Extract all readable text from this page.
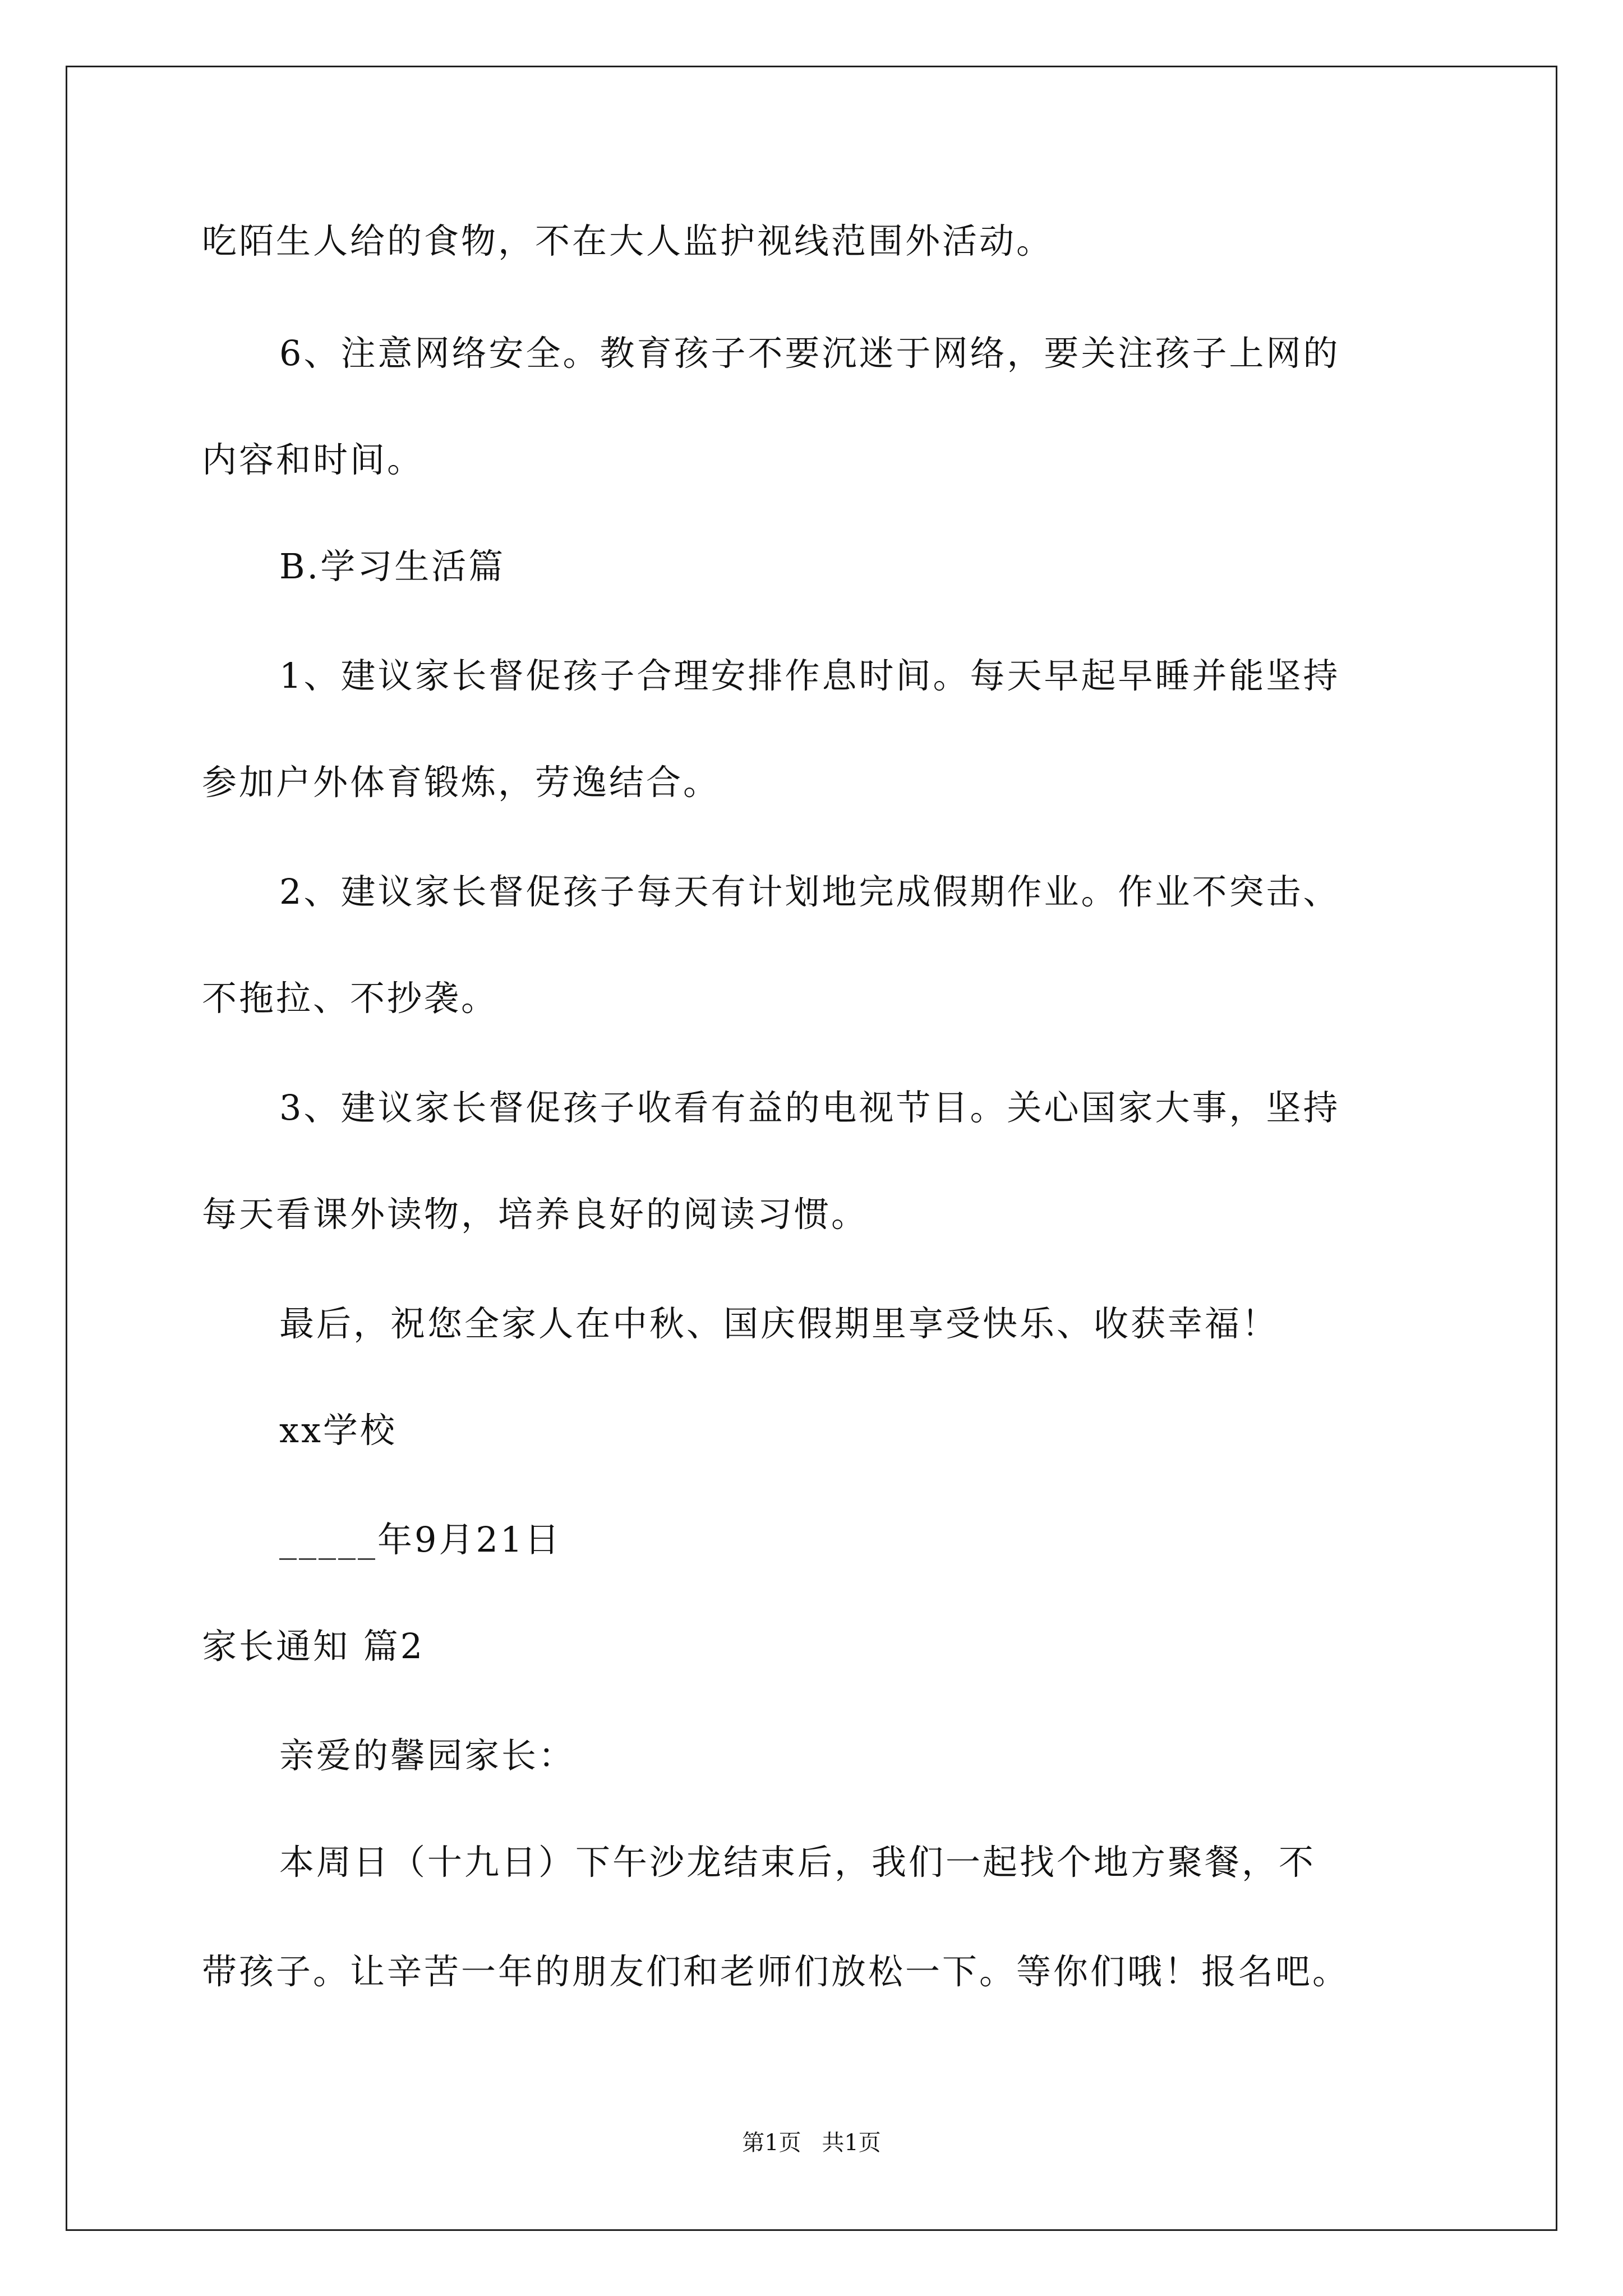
吃陌生人给的食物，不在大人监护视线范围外活动。
6、注意网络安全。教育孩子不要沉迷于网络，要关注孩子上网的
内容和时间。
B.学习生活篇
1、建议家长督促孩子合理安排作息时间。每天早起早睡并能坚持
参加户外体育锻炼，劳逸结合。
2、建议家长督促孩子每天有计划地完成假期作业。作业不突击、
不拖拉、不抄袭。
3、建议家长督促孩子收看有益的电视节目。关心国家大事，坚持
每天看课外读物，培养良好的阅读习惯。
最后，祝您全家人在中秋、国庆假期里享受快乐、收获幸福！
xx学校
_____年9月21日
家长通知 篇2
亲爱的馨园家长：
本周日（十九日）下午沙龙结束后，我们一起找个地方聚餐，不
带孩子。让辛苦一年的朋友们和老师们放松一下。等你们哦！报名吧。
第1页 共1页
